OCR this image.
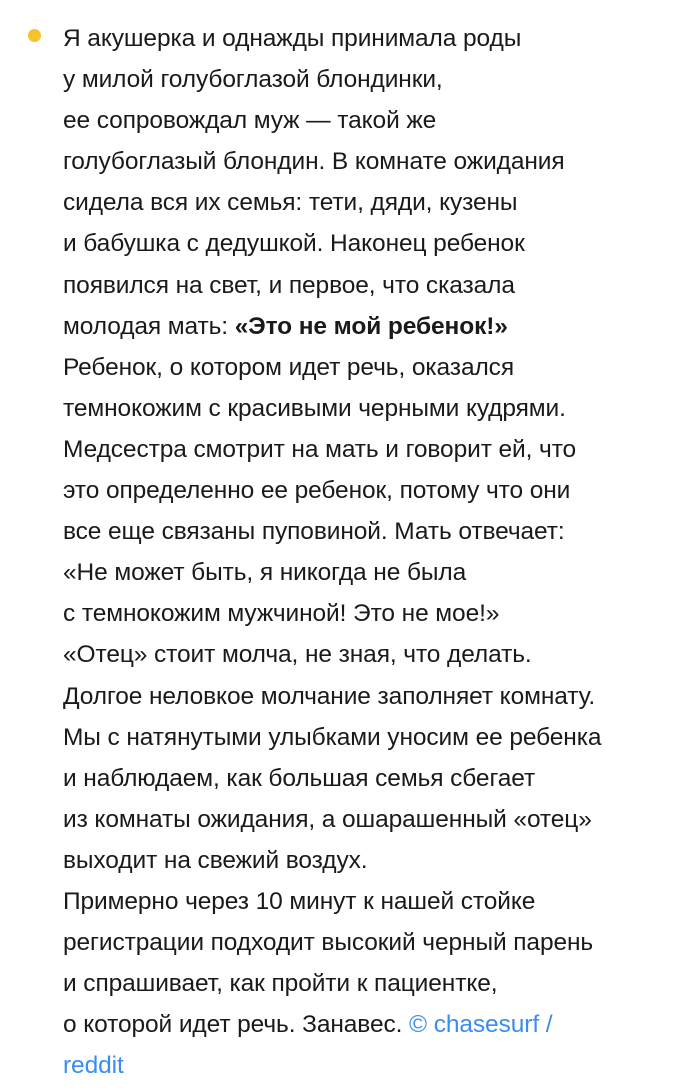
Я акушерка и однажды принимала роды
у милой голубоглазой блондинки,
ее сопровождал муж — такой же
голубоглазый блондин. В комнате ожидания
сидела вся их семья: тети, дяди, кузены
и бабушка с дедушкой. Наконец ребенок
появился на свет, и первое, что сказала
молодая мать: «Это не мой ребенок!»
Ребенок, о котором идет речь, оказался
темнокожим с красивыми черными кудрями.
Медсестра смотрит на мать и говорит ей, что
это определенно ее ребенок, потому что они
все еще связаны пуповиной. Мать отвечает:
«Не может быть, я никогда не была
с темнокожим мужчиной! Это не мое!»
«Отец» стоит молча, не зная, что делать.
Долгое неловкое молчание заполняет комнату.
Мы с натянутыми улыбками уносим ее ребенка
и наблюдаем, как большая семья сбегает
из комнаты ожидания, а ошарашенный «отец»
выходит на свежий воздух.
Примерно через 10 минут к нашей стойке
регистрации подходит высокий черный парень
и спрашивает, как пройти к пациентке,
о которой идет речь. Занавес. © chasesurf /
reddit
